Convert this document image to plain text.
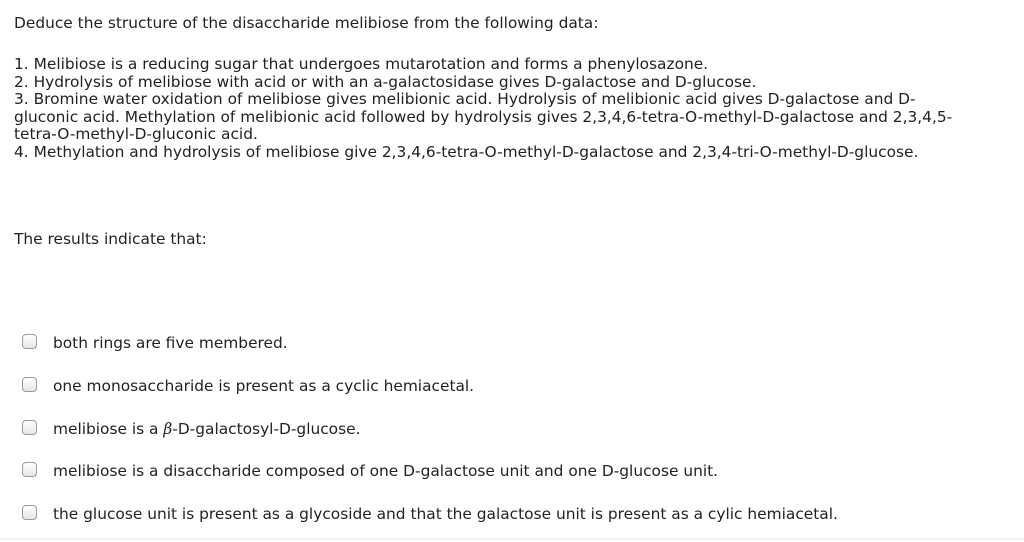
Deduce the structure of the disaccharide melibiose from the following data:
1. Melibiose is a reducing sugar that undergoes mutarotation and forms a phenylosazone.
2. Hydrolysis of melibiose with acid or with an a-galactosidase gives D-galactose and D-glucose.
3. Bromine water oxidation of melibiose gives melibionic acid. Hydrolysis of melibionic acid gives D-galactose and D-
gluconic acid. Methylation of melibionic acid followed by hydrolysis gives 2,3,4,6-tetra-O-methyl-D-galactose and 2,3,4,5-
tetra-O-methyl-D-gluconic acid.
4. Methylation and hydrolysis of melibiose give 2,3,4,6-tetra-O-methyl-D-galactose and 2,3,4-tri-O-methyl-D-glucose.
The results indicate that:
both rings are five membered.
one monosaccharide is present as a cyclic hemiacetal.
melibiose is a β-D-galactosyl-D-glucose.
melibiose is a disaccharide composed of one D-galactose unit and one D-glucose unit.
the glucose unit is present as a glycoside and that the galactose unit is present as a cylic hemiacetal.
